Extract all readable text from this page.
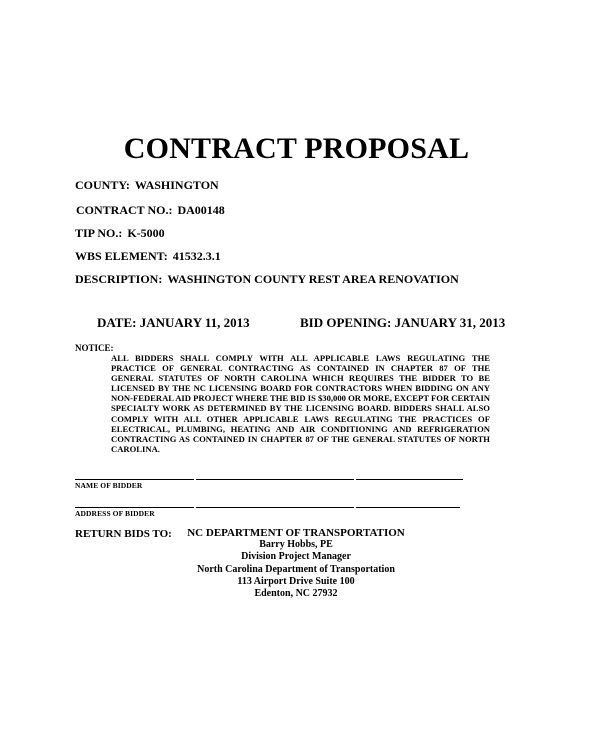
CONTRACT PROPOSAL
COUNTY: WASHINGTON
CONTRACT NO.: DA00148
TIP NO.: K-5000
WBS ELEMENT: 41532.3.1
DESCRIPTION: WASHINGTON COUNTY REST AREA RENOVATION
DATE: JANUARY 11, 2013	BID OPENING: JANUARY 31, 2013
NOTICE:
ALL BIDDERS SHALL COMPLY WITH ALL APPLICABLE LAWS REGULATING THE PRACTICE OF GENERAL CONTRACTING AS CONTAINED IN CHAPTER 87 OF THE GENERAL STATUTES OF NORTH CAROLINA WHICH REQUIRES THE BIDDER TO BE LICENSED BY THE NC LICENSING BOARD FOR CONTRACTORS WHEN BIDDING ON ANY NON-FEDERAL AID PROJECT WHERE THE BID IS $30,000 OR MORE, EXCEPT FOR CERTAIN SPECIALTY WORK AS DETERMINED BY THE LICENSING BOARD. BIDDERS SHALL ALSO COMPLY WITH ALL OTHER APPLICABLE LAWS REGULATING THE PRACTICES OF ELECTRICAL, PLUMBING, HEATING AND AIR CONDITIONING AND REFRIGERATION CONTRACTING AS CONTAINED IN CHAPTER 87 OF THE GENERAL STATUTES OF NORTH CAROLINA.
NAME OF BIDDER
ADDRESS OF BIDDER
RETURN BIDS TO:	NC DEPARTMENT OF TRANSPORTATION
Barry Hobbs, PE
Division Project Manager
North Carolina Department of Transportation
113 Airport Drive Suite 100
Edenton, NC 27932
